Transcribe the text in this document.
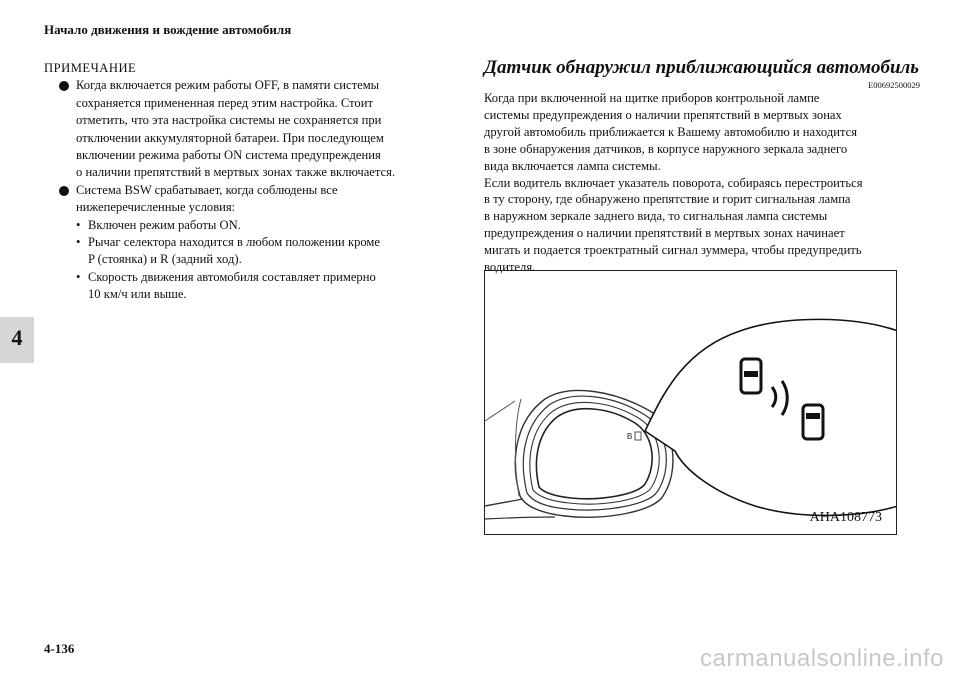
Начало движения и вождение автомобиля
4
ПРИМЕЧАНИЕ
Когда включается режим работы OFF, в памяти системы
сохраняется примененная перед этим настройка. Стоит
отметить, что эта настройка системы не сохраняется при
отключении аккумуляторной батареи. При последующем
включении режима работы ON система предупреждения
о наличии препятствий в мертвых зонах также включается.
Система BSW срабатывает, когда соблюдены все
нижеперечисленные условия:
• Включен режим работы ON.
• Рычаг селектора находится в любом положении кроме
P (стоянка) и R (задний ход).
• Скорость движения автомобиля составляет примерно
10 км/ч или выше.
Датчик обнаружил приближающийся автомобиль
E00692500029
Когда при включенной на щитке приборов контрольной лампе
системы предупреждения о наличии препятствий в мертвых зонах
другой автомобиль приближается к Вашему автомобилю и находится
в зоне обнаружения датчиков, в корпусе наружного зеркала заднего
вида включается лампа системы.
Если водитель включает указатель поворота, собираясь перестроиться
в ту сторону, где обнаружено препятствие и горит сигнальная лампа
в наружном зеркале заднего вида, то сигнальная лампа системы
предупреждения о наличии препятствий в мертвых зонах начинает
мигать и подается троектратный сигнал зуммера, чтобы предупредить
водителя.
B
AHA108773
4-136	carmanualsonline.info
